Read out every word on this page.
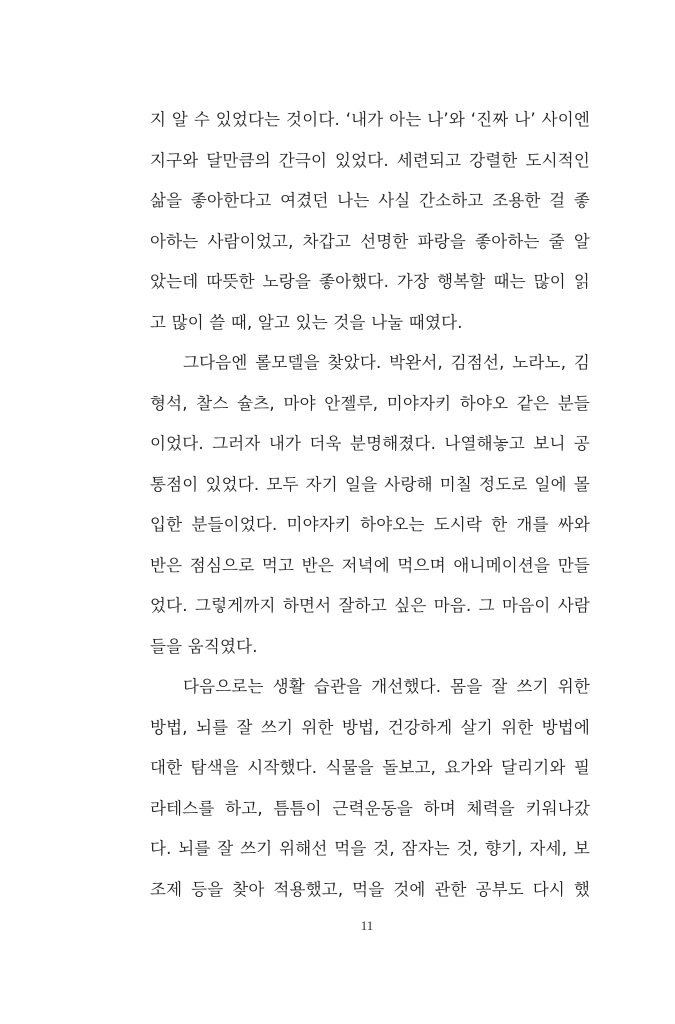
지 알 수 있었다는 것이다. ‘내가 아는 나’와 ‘진짜 나’ 사이엔
지구와 달만큼의 간극이 있었다. 세련되고 강렬한 도시적인
삶을 좋아한다고 여겼던 나는 사실 간소하고 조용한 걸 좋
아하는 사람이었고, 차갑고 선명한 파랑을 좋아하는 줄 알
았는데 따뜻한 노랑을 좋아했다. 가장 행복할 때는 많이 읽
고 많이 쓸 때, 알고 있는 것을 나눌 때였다.
그다음엔 롤모델을 찾았다. 박완서, 김점선, 노라노, 김
형석, 찰스 슐츠, 마야 안젤루, 미야자키 하야오 같은 분들
이었다. 그러자 내가 더욱 분명해졌다. 나열해놓고 보니 공
통점이 있었다. 모두 자기 일을 사랑해 미칠 정도로 일에 몰
입한 분들이었다. 미야자키 하야오는 도시락 한 개를 싸와
반은 점심으로 먹고 반은 저녁에 먹으며 애니메이션을 만들
었다. 그렇게까지 하면서 잘하고 싶은 마음. 그 마음이 사람
들을 움직였다.
다음으로는 생활 습관을 개선했다. 몸을 잘 쓰기 위한
방법, 뇌를 잘 쓰기 위한 방법, 건강하게 살기 위한 방법에
대한 탐색을 시작했다. 식물을 돌보고, 요가와 달리기와 필
라테스를 하고, 틈틈이 근력운동을 하며 체력을 키워나갔
다. 뇌를 잘 쓰기 위해선 먹을 것, 잠자는 것, 향기, 자세, 보
조제 등을 찾아 적용했고, 먹을 것에 관한 공부도 다시 했
11
